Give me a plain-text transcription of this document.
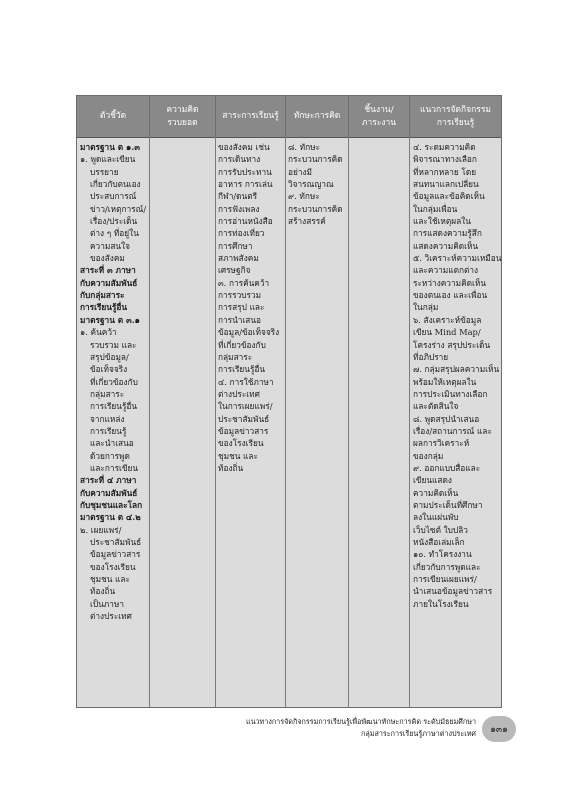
ตัวชี้วัด
ความคิด
รวบยอด
สาระการเรียนรู้ ทักษะการคิด
ชิ้นงาน/
ภาระงาน
แนวการจัดกิจกรรม
การเรียนรู้
มาตรฐาน ต ๑.๓
๑. พูดและเขียน
บรรยาย
เกี่ยวกับตนเอง
ประสบการณ์
ข่าว/เหตุการณ์/
เรื่อง/ประเด็น
ต่าง ๆ ที่อยู่ใน
ความสนใจ
ของสังคม
สาระที่ ๓ ภาษา
กับความสัมพันธ์
กับกลุ่มสาระ
การเรียนรู้อื่น
มาตรฐาน ต ๓.๑
๑. ค้นคว้า
รวบรวม และ
สรุปข้อมูล/
ข้อเท็จจริง
ที่เกี่ยวข้องกับ
กลุ่มสาระ
การเรียนรู้อื่น
จากแหล่ง
การเรียนรู้
และนำเสนอ
ด้วยการพูด
และการเขียน
สาระที่ ๔ ภาษา
กับความสัมพันธ์
กับชุมชนและโลก
มาตรฐาน ต ๔.๒
๒. เผยแพร่/
ประชาสัมพันธ์
ข้อมูลข่าวสาร
ของโรงเรียน
ชุมชน และ
ท้องถิ่น
เป็นภาษา
ต่างประเทศ
ของสังคม เช่น
การเดินทาง
การรับประทาน
อาหาร การเล่น
กีฬา/ดนตรี
การฟังเพลง
การอ่านหนังสือ
การท่องเที่ยว
การศึกษา
สภาพสังคม
เศรษฐกิจ
๓. การค้นคว้า
การรวบรวม
การสรุป และ
การนำเสนอ
ข้อมูล/ข้อเท็จจริง
ที่เกี่ยวข้องกับ
กลุ่มสาระ
การเรียนรู้อื่น
๔. การใช้ภาษา
ต่างประเทศ
ในการเผยแพร่/
ประชาสัมพันธ์
ข้อมูลข่าวสาร
ของโรงเรียน
ชุมชน และ
ท้องถิ่น
๘. ทักษะ
กระบวนการคิด
อย่างมี
วิจารณญาณ
๙. ทักษะ
กระบวนการคิด
สร้างสรรค์
๔. ระดมความคิด
พิจารณาทางเลือก
ที่หลากหลาย โดย
สนทนาแลกเปลี่ยน
ข้อมูลและข้อคิดเห็น
ในกลุ่มเพื่อน
และใช้เหตุผลใน
การแสดงความรู้สึก
แสดงความคิดเห็น
๕. วิเคราะห์ความเหมือน
และความแตกต่าง
ระหว่างความคิดเห็น
ของตนเอง และเพื่อน
ในกลุ่ม
๖. สังเคราะห์ข้อมูล
เขียน Mind Map/
โครงร่าง สรุปประเด็น
ที่อภิปราย
๗. กลุ่มสรุปผลความเห็น
พร้อมให้เหตุผลใน
การประเมินทางเลือก
และตัดสินใจ
๘. พูดสรุปนำเสนอ
เรื่อง/สถานการณ์ และ
ผลการวิเคราะห์
ของกลุ่ม
๙. ออกแบบสื่อและ
เขียนแสดง
ความคิดเห็น
ตามประเด็นที่ศึกษา
ลงในแผ่นพับ
เว็บไซต์ ใบปลิว
หนังสือเล่มเล็ก
๑๐. ทำโครงงาน
เกี่ยวกับการพูดและ
การเขียนเผยแพร่/
นำเสนอข้อมูลข่าวสาร
ภายในโรงเรียน
แนวทางการจัดกิจกรรมการเรียนรู้เพื่อพัฒนาทักษะการคิด ระดับมัธยมศึกษา
กลุ่มสาระการเรียนรู้ภาษาต่างประเทศ	๑๓๑
